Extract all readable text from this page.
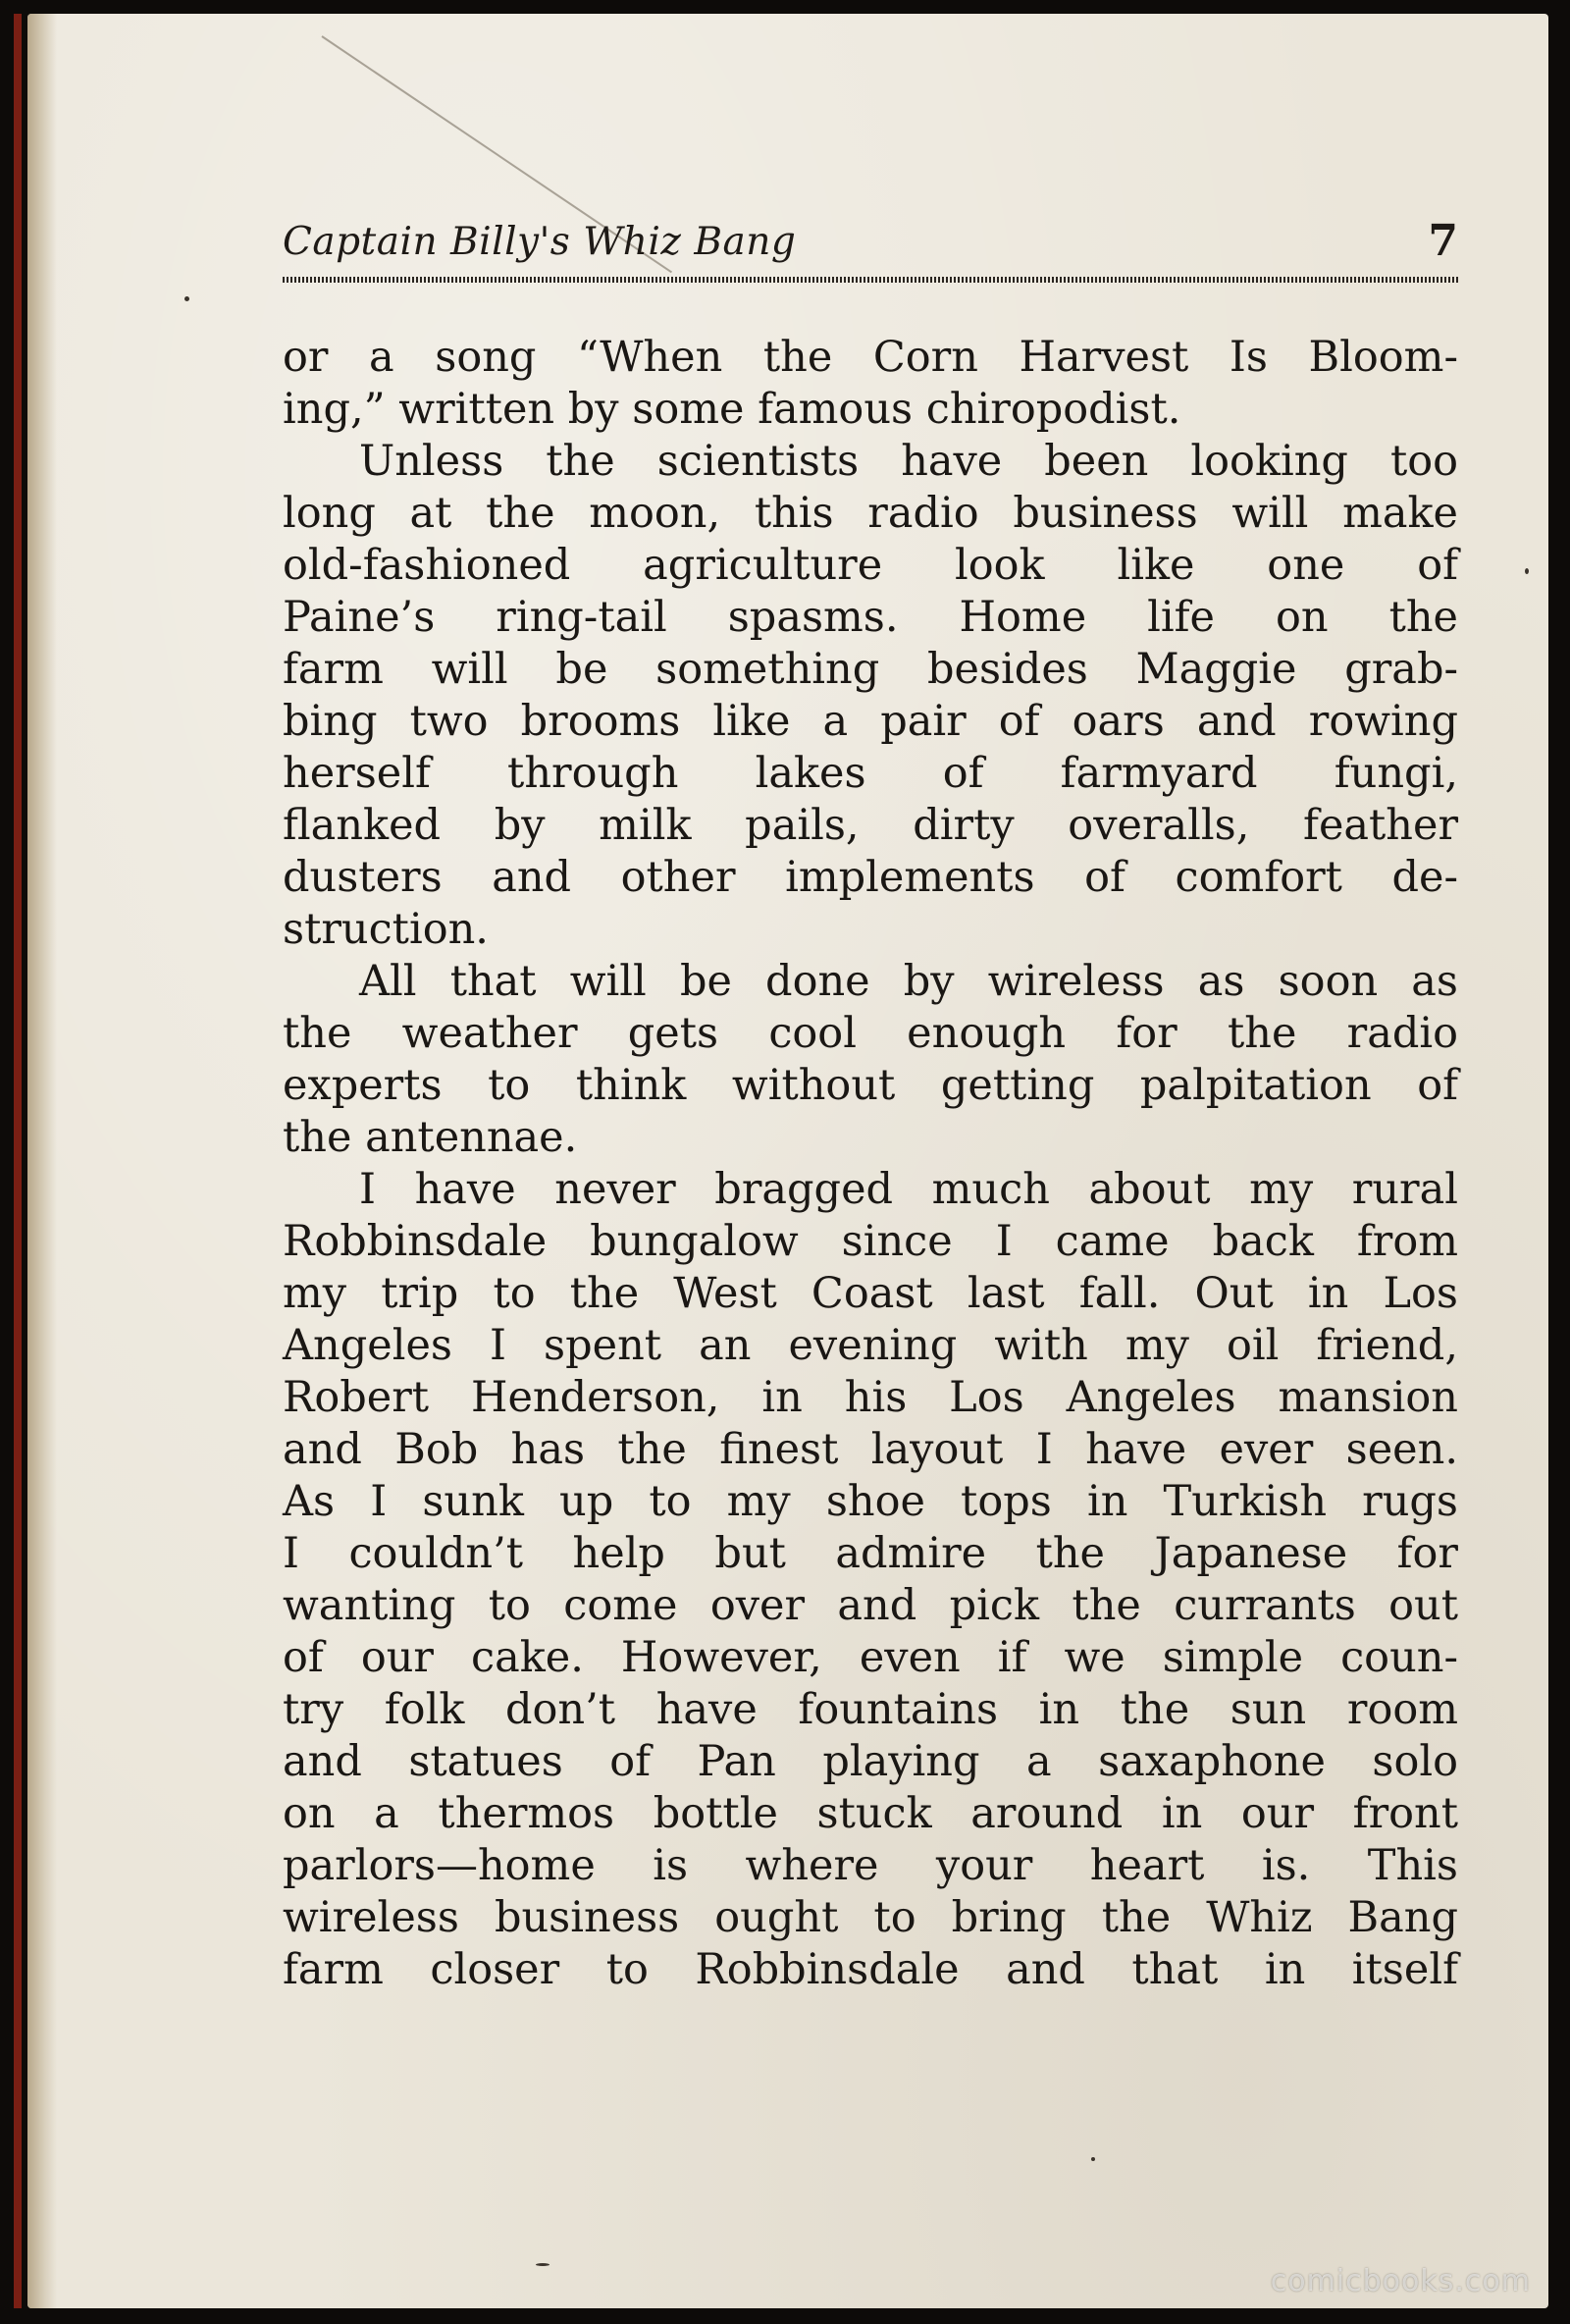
Captain Billy's Whiz Bang	7
or a song “When the Corn Harvest Is Bloom-
ing,” written by some famous chiropodist.
Unless the scientists have been looking too
long at the moon, this radio business will make
old-fashioned agriculture look like one of
Paine’s ring-tail spasms. Home life on the
farm will be something besides Maggie grab-
bing two brooms like a pair of oars and rowing
herself through lakes of farmyard fungi,
flanked by milk pails, dirty overalls, feather
dusters and other implements of comfort de-
struction.
All that will be done by wireless as soon as
the weather gets cool enough for the radio
experts to think without getting palpitation of
the antennae.
I have never bragged much about my rural
Robbinsdale bungalow since I came back from
my trip to the West Coast last fall. Out in Los
Angeles I spent an evening with my oil friend,
Robert Henderson, in his Los Angeles mansion
and Bob has the finest layout I have ever seen.
As I sunk up to my shoe tops in Turkish rugs
I couldn’t help but admire the Japanese for
wanting to come over and pick the currants out
of our cake. However, even if we simple coun-
try folk don’t have fountains in the sun room
and statues of Pan playing a saxaphone solo
on a thermos bottle stuck around in our front
parlors—home is where your heart is. This
wireless business ought to bring the Whiz Bang
farm closer to Robbinsdale and that in itself
comicbooks.com
